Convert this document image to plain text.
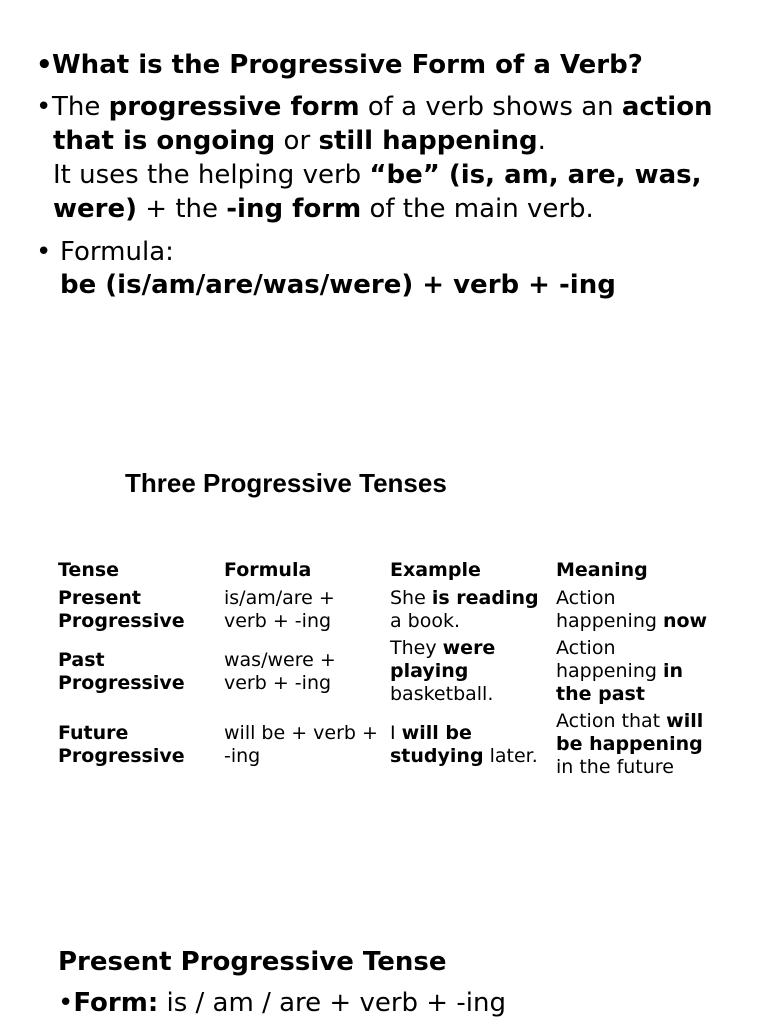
•What is the Progressive Form of a Verb?
•The progressive form of a verb shows an action
that is ongoing or still happening.
It uses the helping verb “be” (is, am, are, was,
were) + the -ing form of the main verb.
• Formula:
be (is/am/are/was/were) + verb + -ing
Three Progressive Tenses
Tense	Formula	Example	Meaning
Present Progressive	is/am/are + verb + -ing	She is reading a book.	Action happening now
Past Progressive	was/were + verb + -ing	They were playing basketball.	Action happening in the past
Future Progressive	will be + verb + -ing	I will be studying later.	Action that will be happening in the future
Present Progressive Tense
•Form: is / am / are + verb + -ing
